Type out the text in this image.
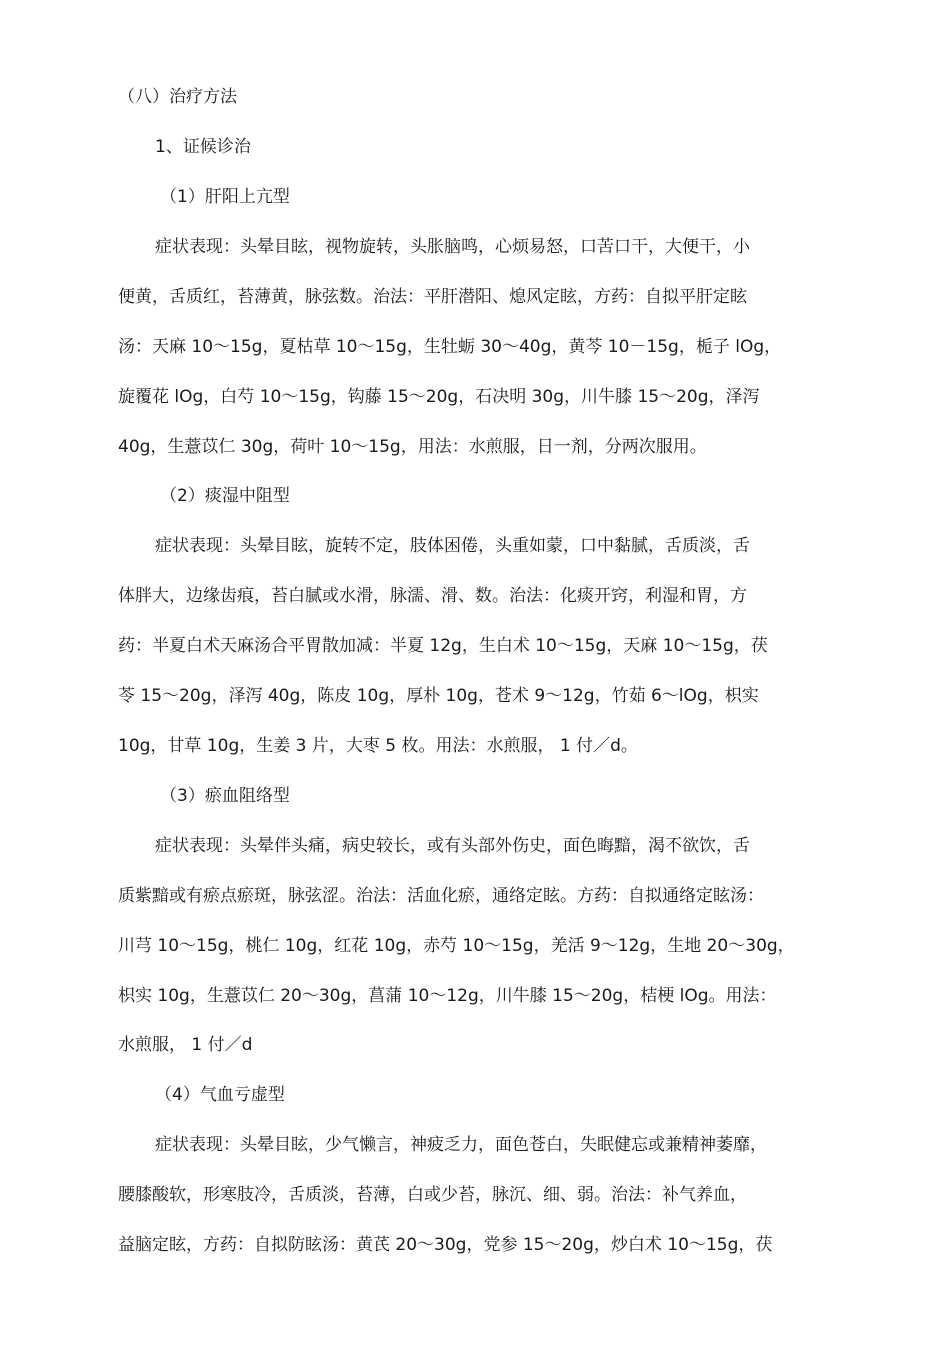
（八）治疗方法
1、证候诊治
（1）肝阳上亢型
症状表现：头晕目眩，视物旋转，头胀脑鸣，心烦易怒，口苦口干，大便干，小
便黄，舌质红，苔薄黄，脉弦数。治法：平肝潜阳、熄风定眩，方药：自拟平肝定眩
汤：天麻 10～15g，夏枯草 10～15g，生牡蛎 30～40g，黄芩 10－15g，栀子 lOg，
旋覆花 lOg，白芍 10～15g，钩藤 15～20g，石决明 30g，川牛膝 15～20g，泽泻
40g，生薏苡仁 30g，荷叶 10～15g，用法：水煎服，日一剂，分两次服用。
（2）痰湿中阻型
症状表现：头晕目眩，旋转不定，肢体困倦，头重如蒙，口中黏腻，舌质淡，舌
体胖大，边缘齿痕，苔白腻或水滑，脉濡、滑、数。治法：化痰开窍，利湿和胃，方
药：半夏白术天麻汤合平胃散加减：半夏 12g，生白术 10～15g，天麻 10～15g，茯
苓 15～20g，泽泻 40g，陈皮 10g，厚朴 10g，苍术 9～12g，竹茹 6～lOg，枳实
10g，甘草 10g，生姜 3 片，大枣 5 枚。用法：水煎服， 1 付／d。
（3）瘀血阻络型
症状表现：头晕伴头痛，病史较长，或有头部外伤史，面色晦黯，渴不欲饮，舌
质紫黯或有瘀点瘀斑，脉弦涩。治法：活血化瘀，通络定眩。方药：自拟通络定眩汤：
川芎 10～15g，桃仁 10g，红花 10g，赤芍 10～15g，羌活 9～12g，生地 20～30g，
枳实 10g，生薏苡仁 20～30g，菖蒲 10～12g，川牛膝 15～20g，桔梗 lOg。用法：
水煎服， 1 付／d
（4）气血亏虚型
症状表现：头晕目眩，少气懒言，神疲乏力，面色苍白，失眠健忘或兼精神萎靡，
腰膝酸软，形寒肢冷，舌质淡，苔薄，白或少苔，脉沉、细、弱。治法：补气养血，
益脑定眩，方药：自拟防眩汤：黄芪 20～30g，党参 15～20g，炒白术 10～15g，茯
